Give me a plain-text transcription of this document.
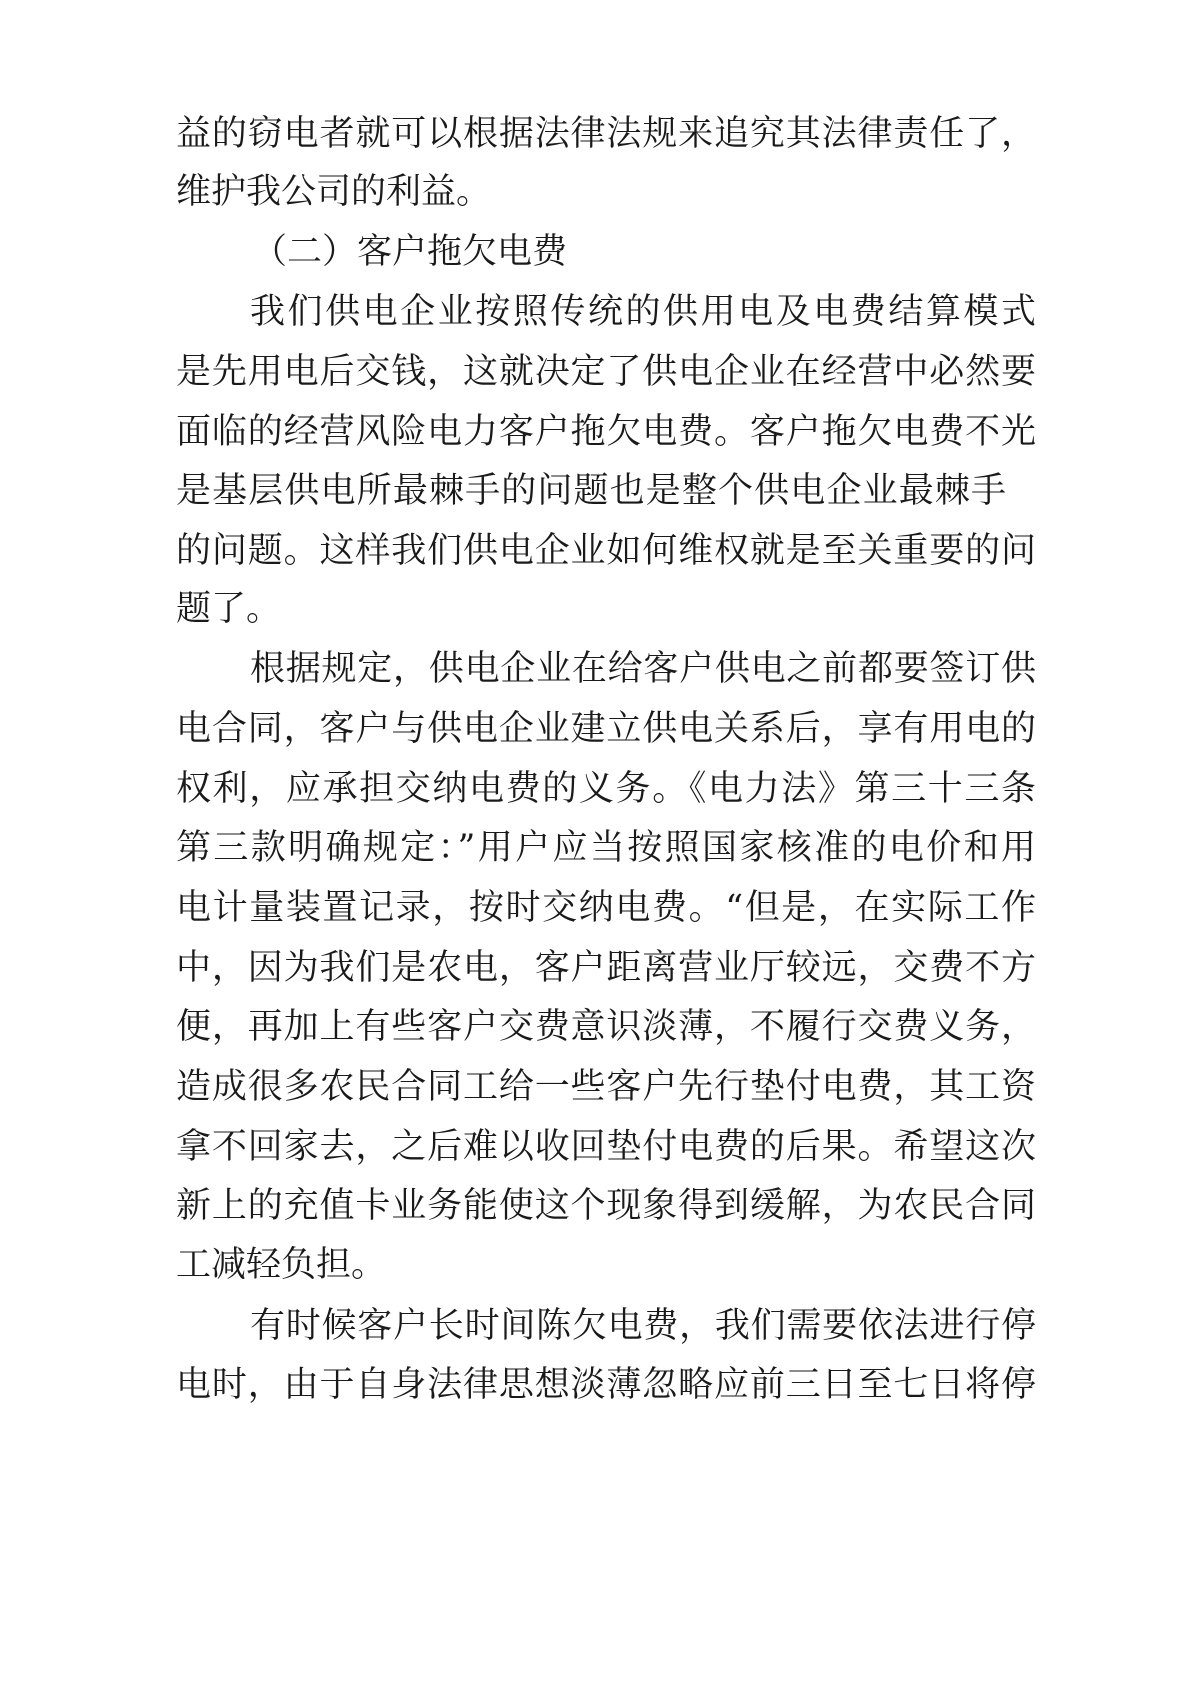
益的窃电者就可以根据法律法规来追究其法律责任了，
维护我公司的利益。
（二）客户拖欠电费
我们供电企业按照传统的供用电及电费结算模式
是先用电后交钱，这就决定了供电企业在经营中必然要
面临的经营风险电力客户拖欠电费。客户拖欠电费不光
是基层供电所最棘手的问题也是整个供电企业最棘手
的问题。这样我们供电企业如何维权就是至关重要的问
题了。
根据规定，供电企业在给客户供电之前都要签订供
电合同，客户与供电企业建立供电关系后，享有用电的
权利，应承担交纳电费的义务。《电力法》第三十三条
第三款明确规定：”用户应当按照国家核准的电价和用
电计量装置记录，按时交纳电费。“但是，在实际工作
中，因为我们是农电，客户距离营业厅较远，交费不方
便，再加上有些客户交费意识淡薄，不履行交费义务，
造成很多农民合同工给一些客户先行垫付电费，其工资
拿不回家去，之后难以收回垫付电费的后果。希望这次
新上的充值卡业务能使这个现象得到缓解，为农民合同
工减轻负担。
有时候客户长时间陈欠电费，我们需要依法进行停
电时，由于自身法律思想淡薄忽略应前三日至七日将停
